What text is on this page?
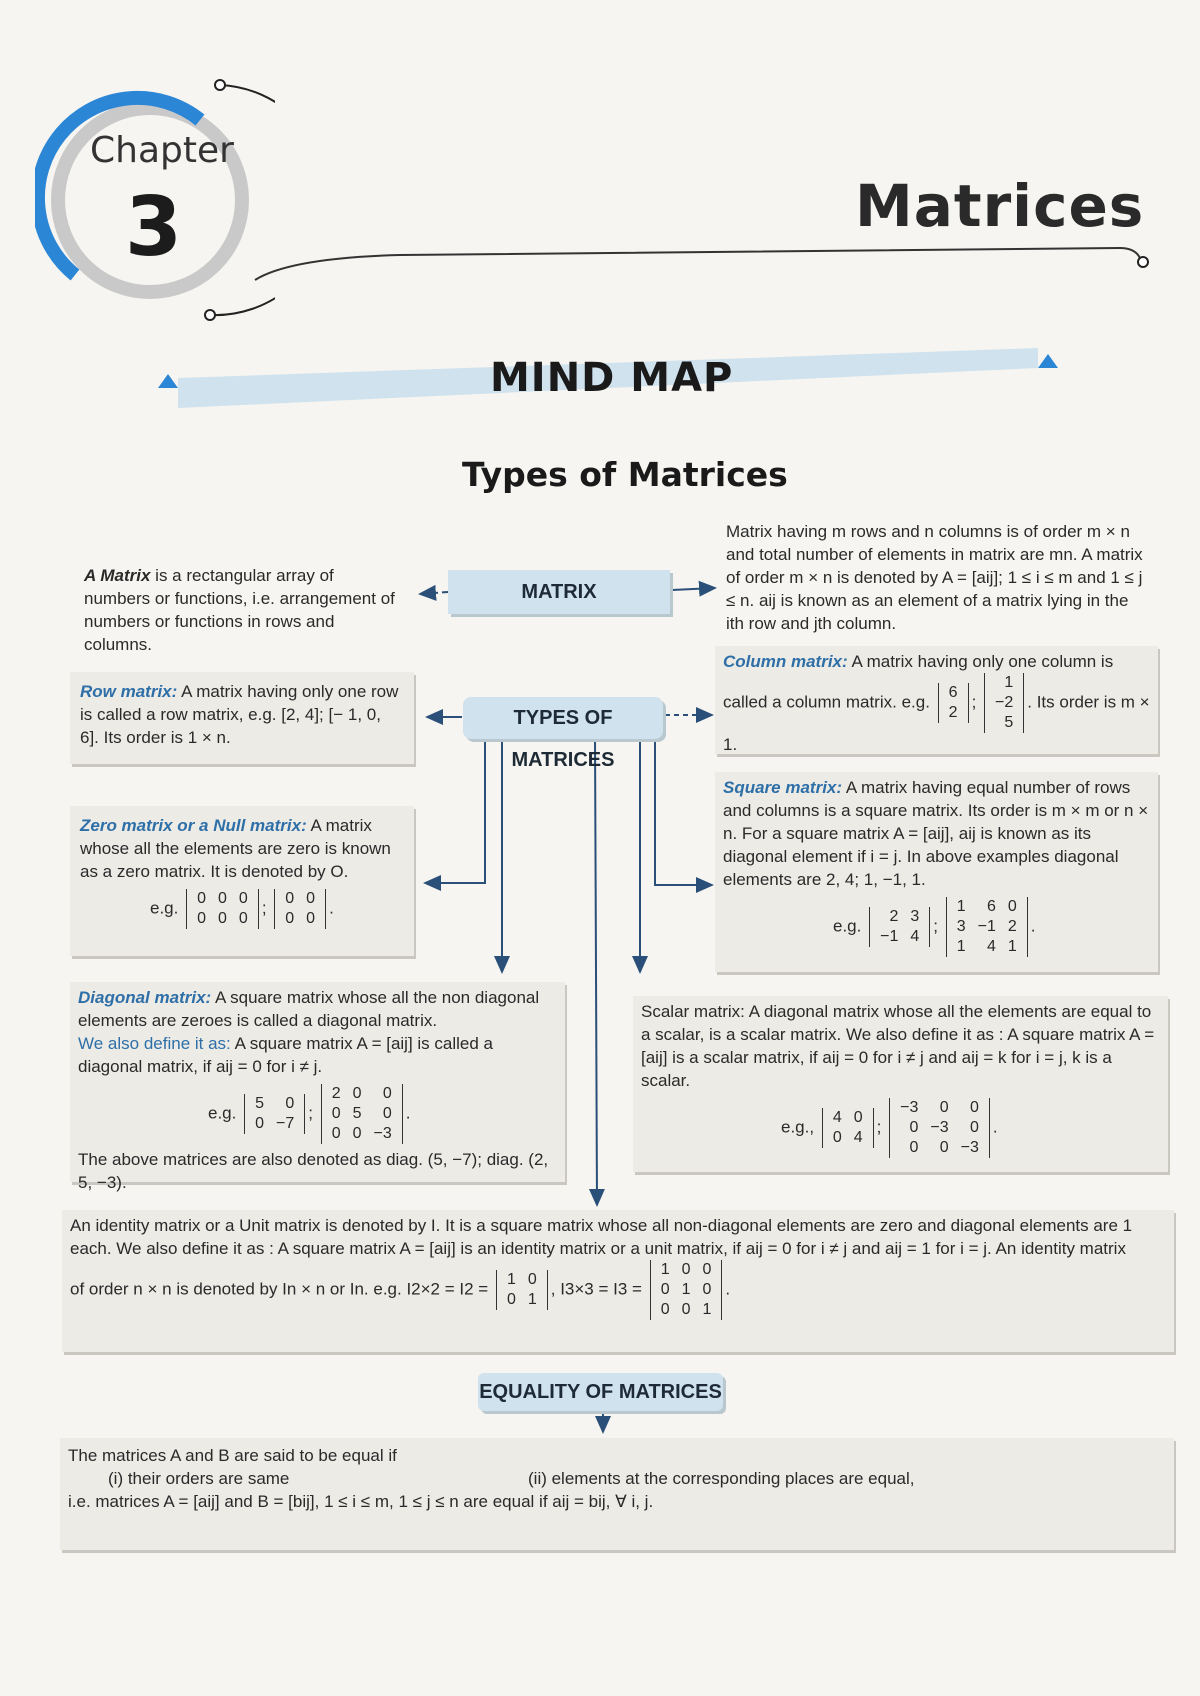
Chapter
3	Matrices
MIND MAP
Types of Matrices
MATRIX
TYPES OF MATRICES
EQUALITY OF MATRICES
A Matrix is a rectangular array of numbers or functions, i.e. arrangement of numbers or functions in rows and columns.
Matrix having m rows and n columns is of order m × n and total number of elements in matrix are mn. A matrix of order m × n is denoted by A = [aij]; 1 ≤ i ≤ m and 1 ≤ j ≤ n. aij is known as an element of a matrix lying in the ith row and jth column.
Column matrix: A matrix having only one column is called a column matrix. e.g. 6
2
;
1
−2
5
. Its order is m × 1.
Row matrix: A matrix having only one row is called a row matrix, e.g. [2, 4]; [− 1, 0, 6]. Its order is 1 × n.
Zero matrix or a Null matrix: A matrix whose all the elements are zero is known as a zero matrix. It is denoted by O.
e.g. 0	0	0
0	0	0
; 0	0
0	0
.
Square matrix: A matrix having equal number of rows and columns is a square matrix. Its order is m × m or n × n. For a square matrix A = [aij], aij is known as its diagonal element if i = j. In above examples diagonal elements are 2, 4; 1, −1, 1.
e.g. 2	3
−1	4
;
1	6	0
3	−1	2
1	4	1
.
Diagonal matrix: A square matrix whose all the non diagonal elements are zeroes is called a diagonal matrix.
We also define it as: A square matrix A = [aij] is called a diagonal matrix, if aij = 0 for i ≠ j.
e.g. 5	0
0	−7
;
2	0	0
0	5	0
0	0	−3
.
The above matrices are also denoted as diag. (5, −7); diag. (2, 5, −3).
Scalar matrix: A diagonal matrix whose all the elements are equal to a scalar, is a scalar matrix. We also define it as : A square matrix A = [aij] is a scalar matrix, if aij = 0 for i ≠ j and aij = k for i = j, k is a scalar.
e.g., 4	0
0	4
;
−3	0	0
0	−3	0
0	0	−3
.
An identity matrix or a Unit matrix is denoted by I. It is a square matrix whose all non-diagonal elements are zero and diagonal elements are 1 each. We also define it as : A square matrix A = [aij] is an identity matrix or a unit matrix, if aij = 0 for i ≠ j and aij = 1 for i = j. An identity matrix
of order n × n is denoted by In × n or In. e.g. I2×2 = I2 = 1	0
0	1
, I3×3 = I3 =
1	0	0
0	1	0
0	0	1
.
The matrices A and B are said to be equal if
(i) their orders are same	(ii) elements at the corresponding places are equal,
i.e. matrices A = [aij] and B = [bij], 1 ≤ i ≤ m, 1 ≤ j ≤ n are equal if aij = bij, ∀ i, j.
